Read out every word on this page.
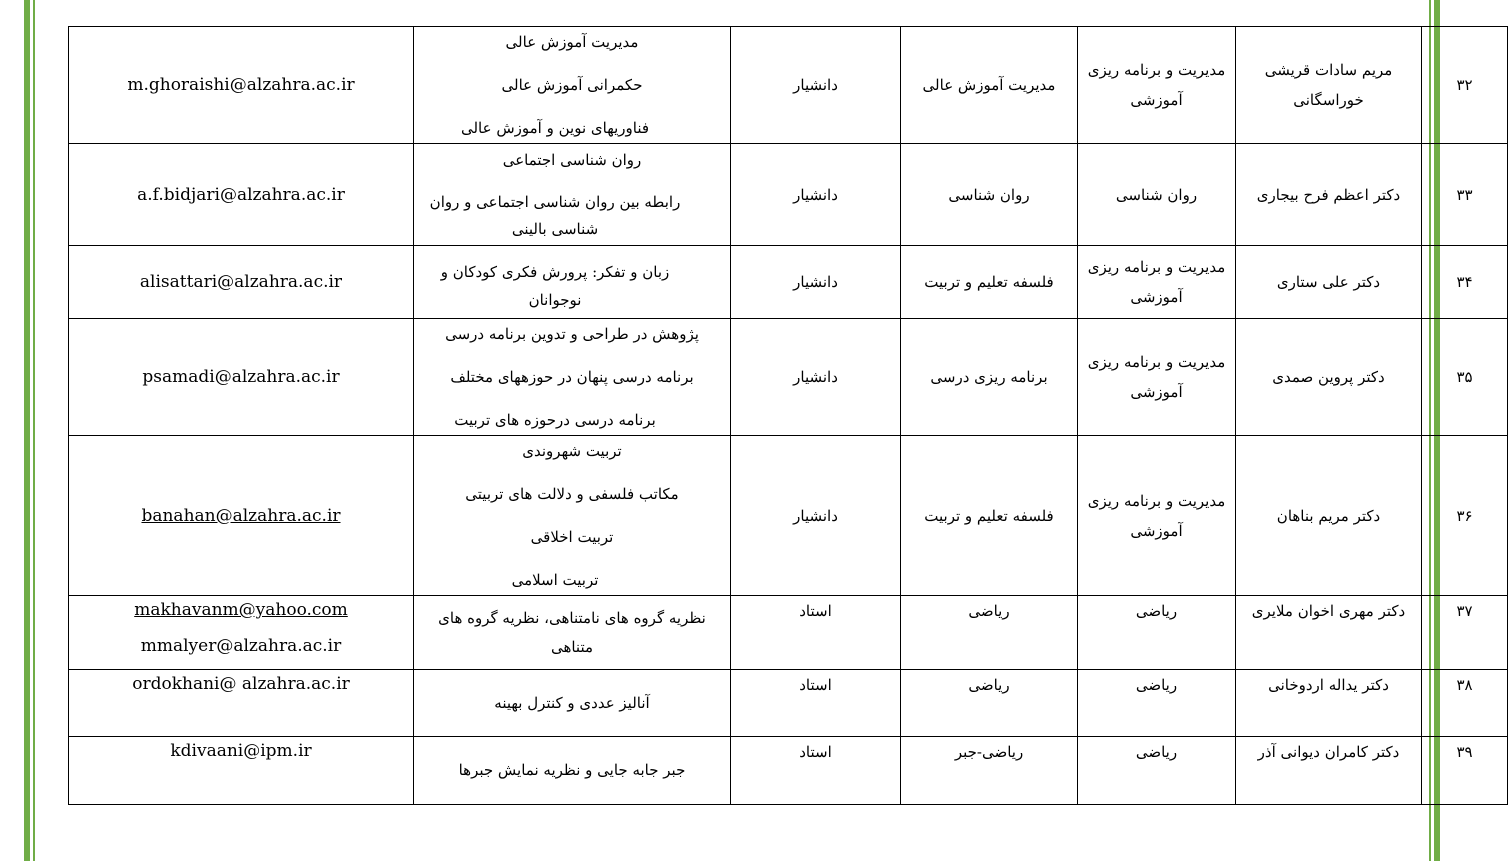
۳۲	مریم سادات قریشی خوراسگانی	مدیریت و برنامه ریزی آموزشی	مدیریت آموزش عالی	دانشیار	مدیریت آموزش عالی
حکمرانی آموزش عالی
فناوریهای نوین و آموزش عالی	m.ghoraishi@alzahra.ac.ir

۳۳	دکتر اعظم فرح بیجاری	روان شناسی	روان شناسی	دانشیار	روان شناسی اجتماعی
رابطه بین روان شناسی اجتماعی و روان شناسی بالینی	a.f.bidjari@alzahra.ac.ir

۳۴	دکتر علی ستاری	مدیریت و برنامه ریزی آموزشی	فلسفه تعلیم و تربیت	دانشیار	زبان و تفکر: پرورش فکری کودکان و نوجوانان	alisattari@alzahra.ac.ir

۳۵	دکتر پروین صمدی	مدیریت و برنامه ریزی آموزشی	برنامه ریزی درسی	دانشیار	پژوهش در طراحی و تدوین برنامه درسی
برنامه درسی پنهان در حوزههای مختلف
برنامه درسی درحوزه های تربیت	psamadi@alzahra.ac.ir

۳۶	دکتر مریم بناهان	مدیریت و برنامه ریزی آموزشی	فلسفه تعلیم و تربیت	دانشیار	تربیت شهروندی
مکاتب فلسفی و دلالت های تربیتی
تربیت اخلاقی
تربیت اسلامی	banahan@alzahra.ac.ir

۳۷	دکتر مهری اخوان ملایری	ریاضی	ریاضی	استاد	نظریه گروه های نامتناهی، نظریه گروه های متناهی	makhavanm@yahoo.com
mmalyer@alzahra.ac.ir

۳۸	دکتر یداله اردوخانی	ریاضی	ریاضی	استاد	آنالیز عددی و کنترل بهینه	ordokhani@ alzahra.ac.ir

۳۹	دکتر کامران دیوانی آذر	ریاضی	ریاضی-جبر	استاد	جبر جابه جایی و نظریه نمایش جبرها	kdivaani@ipm.ir
